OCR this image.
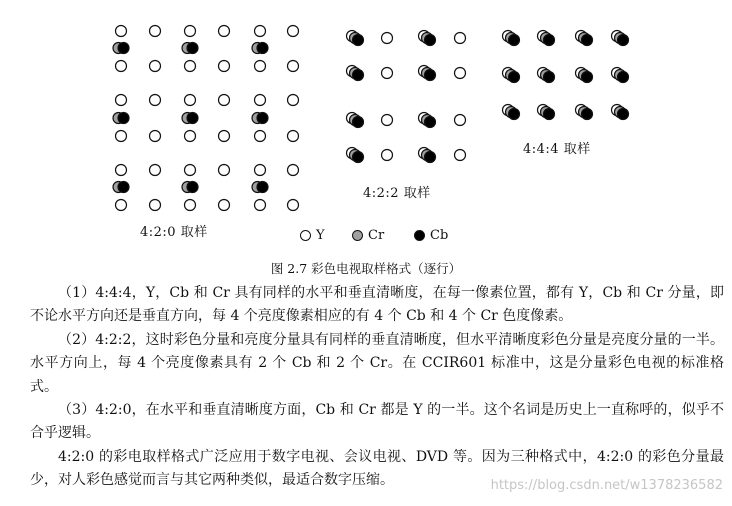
4:2:0 取样
4:2:2 取样
4:4:4 取样
Y	Cr	Cb
图 2.7 彩色电视取样格式（逐行）

（1）4:4:4，Y，Cb 和 Cr 具有同样的水平和垂直清晰度，在每一像素位置，都有 Y，Cb 和 Cr 分量，即不论水平方向还是垂直方向，每 4 个亮度像素相应的有 4 个 Cb 和 4 个 Cr 色度像素。

（2）4:2:2，这时彩色分量和亮度分量具有同样的垂直清晰度，但水平清晰度彩色分量是亮度分量的一半。水平方向上，每 4 个亮度像素具有 2 个 Cb 和 2 个 Cr。在 CCIR601 标准中，这是分量彩色电视的标准格式。

（3）4:2:0，在水平和垂直清晰度方面，Cb 和 Cr 都是 Y 的一半。这个名词是历史上一直称呼的，似乎不合乎逻辑。

4:2:0 的彩电取样格式广泛应用于数字电视、会议电视、DVD 等。因为三种格式中，4:2:0 的彩色分量最少，对人彩色感觉而言与其它两种类似，最适合数字压缩。	https://blog.csdn.net/w1378236582
